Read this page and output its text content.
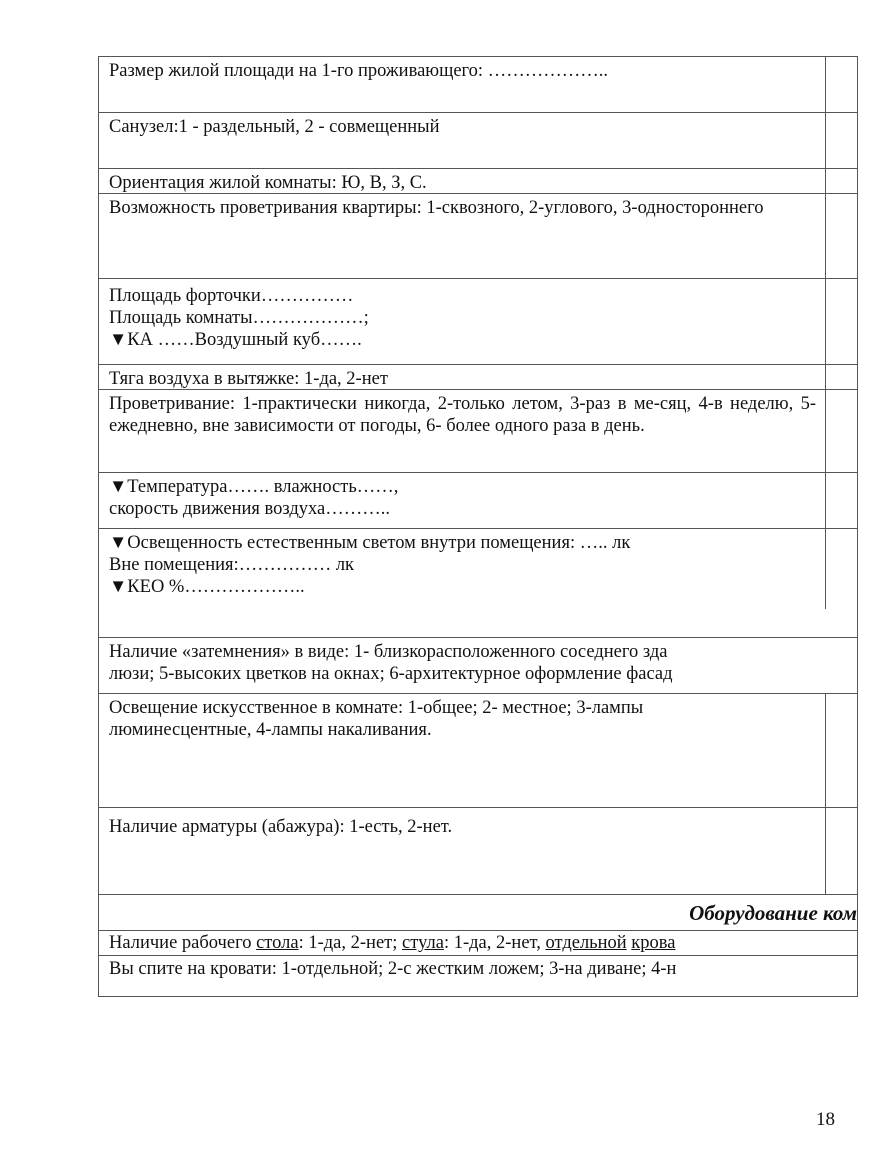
Размер жилой площади на 1-го проживающего: ………………..
Санузел:1 - раздельный, 2 - совмещенный
Ориентация жилой комнаты: Ю, В, З, С.
Возможность проветривания квартиры: 1-сквозного, 2-углового, 3-одностороннего
Площадь форточки……………
Площадь комнаты………………;
▼КА ……Воздушный куб…….
Тяга воздуха в вытяжке: 1-да, 2-нет
Проветривание: 1-практически никогда, 2-только летом, 3-раз в ме-сяц, 4-в неделю, 5-ежедневно, вне зависимости от погоды, 6- более одного раза в день.
▼Температура……. влажность……,
скорость движения воздуха………..
▼Освещенность естественным светом внутри помещения: ….. лк
Вне помещения:…………… лк
▼КЕО %………………..
Наличие «затемнения» в виде: 1- близкорасположенного соседнего зда
люзи; 5-высоких цветков на окнах; 6-архитектурное оформление фасад
Освещение искусственное в комнате: 1-общее; 2- местное; 3-лампы
люминесцентные, 4-лампы накаливания.
Наличие арматуры (абажура): 1-есть, 2-нет.
Оборудование ком
Наличие рабочего стола: 1-да, 2-нет; стула: 1-да, 2-нет, отдельной крова
Вы спите на кровати: 1-отдельной; 2-с жестким ложем; 3-на диване; 4-н
18
